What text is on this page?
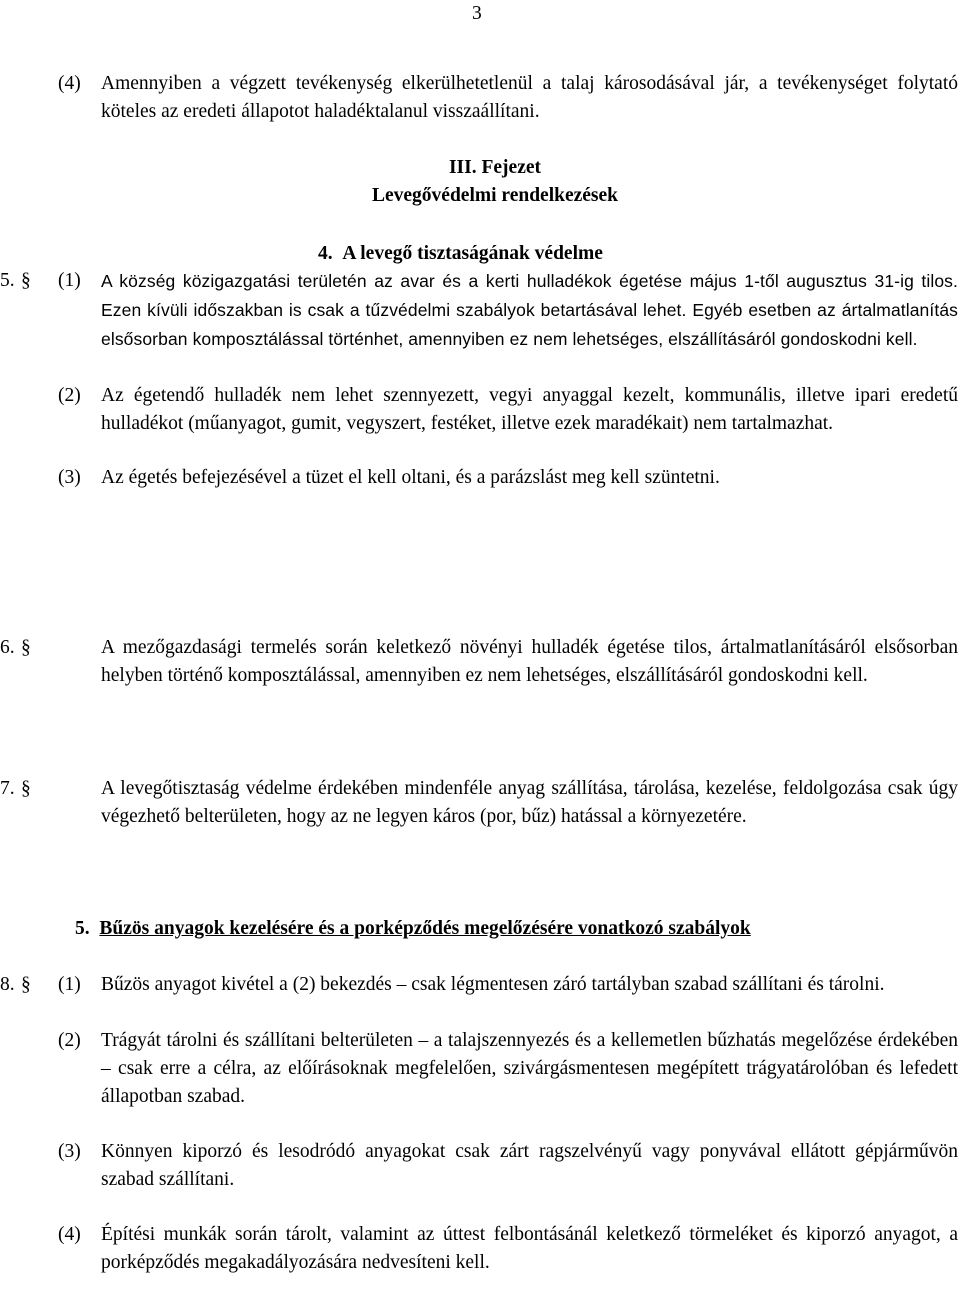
3
(4) Amennyiben a végzett tevékenység elkerülhetetlenül a talaj károsodásával jár, a tevékenységet folytató köteles az eredeti állapotot haladéktalanul visszaállítani.
III. Fejezet
Levegővédelmi rendelkezések
4. A levegő tisztaságának védelme
5. § (1) A község közigazgatási területén az avar és a kerti hulladékok égetése május 1-től augusztus 31-ig tilos. Ezen kívüli időszakban is csak a tűzvédelmi szabályok betartásával lehet. Egyéb esetben az ártalmatlanítás elsősorban komposztálással történhet, amennyiben ez nem lehetséges, elszállításáról gondoskodni kell.
(2) Az égetendő hulladék nem lehet szennyezett, vegyi anyaggal kezelt, kommunális, illetve ipari eredetű hulladékot (műanyagot, gumit, vegyszert, festéket, illetve ezek maradékait) nem tartalmazhat.
(3) Az égetés befejezésével a tüzet el kell oltani, és a parázslást meg kell szüntetni.
6. §	A mezőgazdasági termelés során keletkező növényi hulladék égetése tilos, ártalmatlanításáról elsősorban helyben történő komposztálással, amennyiben ez nem lehetséges, elszállításáról gondoskodni kell.
7. §	A levegőtisztaság védelme érdekében mindenféle anyag szállítása, tárolása, kezelése, feldolgozása csak úgy végezhető belterületen, hogy az ne legyen káros (por, bűz) hatással a környezetére.
5. Bűzös anyagok kezelésére és a porképződés megelőzésére vonatkozó szabályok
8. § (1) Bűzös anyagot kivétel a (2) bekezdés – csak légmentesen záró tartályban szabad szállítani és tárolni.
(2) Trágyát tárolni és szállítani belterületen – a talajszennyezés és a kellemetlen bűzhatás megelőzése érdekében – csak erre a célra, az előírásoknak megfelelően, szivárgásmentesen megépített trágyatárolóban és lefedett állapotban szabad.
(3) Könnyen kiporzó és lesodródó anyagokat csak zárt ragszelvényű vagy ponyvával ellátott gépjárművön szabad szállítani.
(4) Építési munkák során tárolt, valamint az úttest felbontásánál keletkező törmeléket és kiporzó anyagot, a porképződés megakadályozására nedvesíteni kell.
